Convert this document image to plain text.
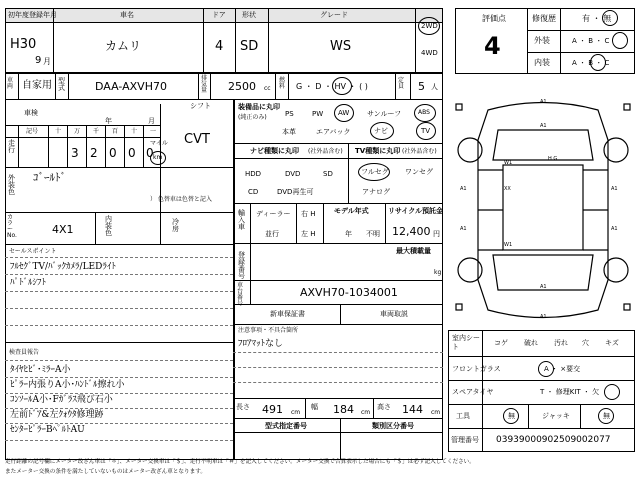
初年度登録年月	車名	ドア 形状	グレード
H30
9 月
カムリ	4 SD	WS
2WD
4WD
車両 自家用 型式	DAA-AXVH70
排気量 2500 cc
燃料 G ・ D ・ HV ・ ( )
定員 5 人
シフト
CVT
車検
年	月
記号	十 万 千 百 十 一
走行	3 2 0 0 0
マイル
km
外装色
ｺﾞｰﾙﾄﾞ
） 色替車は色替と記入
カラーNo.	4X1
内装色
冷房
セールスポイント
ﾌﾙｾｸﾞTV/ﾊﾞｯｸｶﾒﾗ/LEDﾗｲﾄ
ﾊﾟﾄﾞﾙｼﾌﾄ
検査員報告
ﾀｲﾔﾋﾋﾞ･ﾐﾗｰA小
ﾋﾟﾗｰ内張りA小･ﾊﾝﾄﾞﾙ擦れ小
ｺﾝｿｰﾙA小･Fｶﾞﾗｽ飛び石小
左前ﾄﾞｱ&左ｸｫｳﾀ修理跡
ｾﾝﾀｰﾋﾟﾗｰBﾍﾟﾙﾄAU
装備品に丸印
(純正のみ)	PS	PW AW	サンルーフ	ABS
本革	エアバック	ナビ	TV
ナビ種類に丸印 (社外品含む) TV種類に丸印 (社外品含む)
HDD	DVD	SD
CD	DVD再生可
フルセグ ワンセグ
アナログ
輸入車
ディーラー
並行
右 H
左 H
モデル年式
年 不明
リサイクル預託金
12,400 円
登録番号
最大積載量
kg
車台番	AXVH70-1034001
新車保証書	車両取説
注意事項・不具合箇所
ﾌﾛｱﾏｯﾄなし
長さ 491 cm
幅 184 cm
高さ 144 cm
型式指定番号	類別区分番号
評価点
4
修復歴	有 ・ 無
外装	A ・ B ・ C
内装	A ・ B ・ C
A1
A1
A1	A1
W1
W1
XX
A1	A1
A1
A1
H G
室内シート	コゲ 破れ 汚れ 穴 キズ
フロントガラス	A ・ ×要交
スペアタイヤ	T ・ 修理KIT ・ 欠
工具	無	ジャッキ	無
管理番号 03939000902509002077
走行距離の記号欄にメーター改ざん車は「＊」、メーター交換車は「＄」、走行不明車は「＃」を記入してください。メーター交換で合算表示した場合にも「＄」は必ず記入してください。
またメーター交換の条件を満たしていないものはメーター改ざん車となります。
